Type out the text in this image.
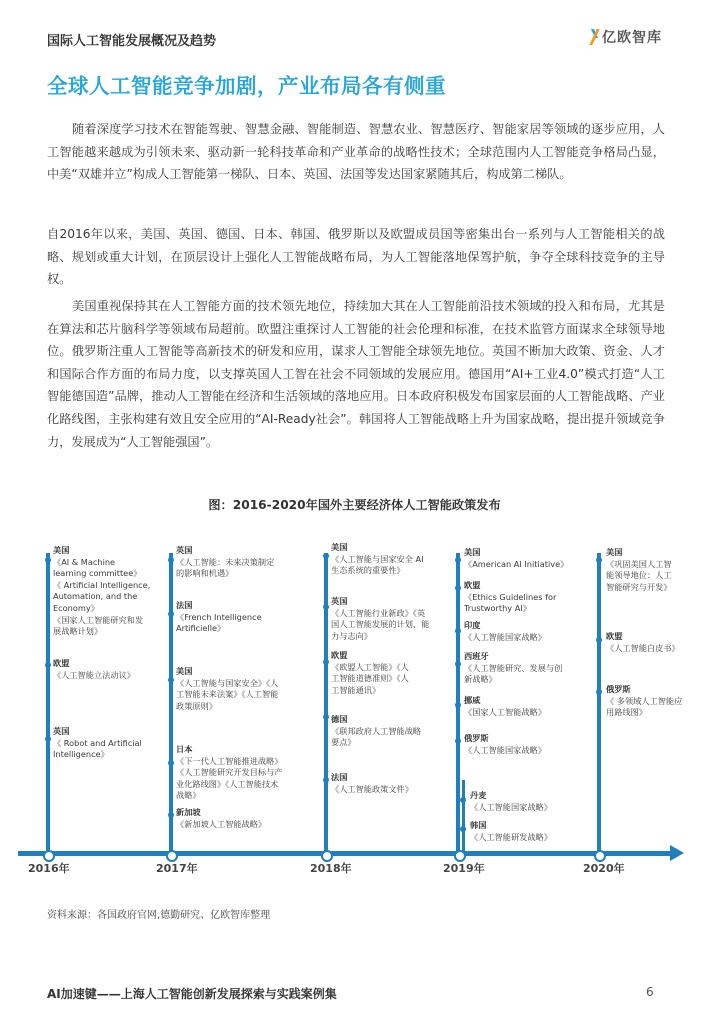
国际人工智能发展概况及趋势	亿欧智库
全球人工智能竞争加剧，产业布局各有侧重
随着深度学习技术在智能驾驶、智慧金融、智能制造、智慧农业、智慧医疗、智能家居等领域的逐步应用，人工智能越来越成为引领未来、驱动新一轮科技革命和产业革命的战略性技术；全球范围内人工智能竞争格局凸显，中美“双雄并立”构成人工智能第一梯队、日本、英国、法国等发达国家紧随其后，构成第二梯队。
自2016年以来，美国、英国、德国、日本、韩国、俄罗斯以及欧盟成员国等密集出台一系列与人工智能相关的战略、规划或重大计划，在顶层设计上强化人工智能战略布局，为人工智能落地保驾护航，争夺全球科技竞争的主导权。
美国重视保持其在人工智能方面的技术领先地位，持续加大其在人工智能前沿技术领域的投入和布局，尤其是在算法和芯片脑科学等领域布局超前。欧盟注重探讨人工智能的社会伦理和标准，在技术监管方面谋求全球领导地位。俄罗斯注重人工智能等高新技术的研发和应用，谋求人工智能全球领先地位。英国不断加大政策、资金、人才和国际合作方面的布局力度，以支撑英国人工智在社会不同领域的发展应用。德国用“AI+工业4.0”模式打造“人工智能德国造”品牌，推动人工智能在经济和生活领域的落地应用。日本政府积极发布国家层面的人工智能战略、产业化路线图，主张构建有效且安全应用的“AI-Ready社会”。韩国将人工智能战略上升为国家战略，提出提升领域竞争力，发展成为“人工智能强国”。
图：2016-2020年国外主要经济体人工智能政策发布
2016年	2017年	2018年	2019年	2020年
美国
《AI & Machine
learning committee》
《 Artificial Intelligence,
Automation, and the
Economy》
《国家人工智能研究和发
展战略计划》
欧盟
《人工智能立法动议》
英国
《 Robot and Artificial
Intelligence》
英国
《人工智能：未来决策制定
的影响和机遇》
法国
《French Intelligence
Artificielle》
美国
《人工智能与国家安全》《人
工智能未来法案》《人工智能
政策原则》
日本
《下一代人工智能推进战略》
《人工智能研究开发目标与产
业化路线图》《人工智能技术
战略》
新加坡
《新加坡人工智能战略》
美国
《人工智能与国家安全 AI
生态系统的重要性》
英国
《人工智能行业新政》《英
国人工智能发展的计划、能
力与志向》
欧盟
《欧盟人工智能》《人
工智能道德准则》《人
工智能通讯》
德国
《联邦政府人工智能战略
要点》
法国
《人工智能政策文件》
美国
《American AI Initiative》
欧盟
《Ethics Guidelines for
Trustworthy AI》
印度
《人工智能国家战略》
西班牙
《人工智能研究、发展与创
新战略》
挪威
《国家人工智能战略》
俄罗斯
《人工智能国家战略》
丹麦
《人工智能国家战略》
韩国
《人工智能研发战略》
美国
《巩固美国人工智
能领导地位：人工
智能研究与开发》
欧盟
《人工智能白皮书》
俄罗斯
《 多领域人工智能应
用路线图》
资料来源：各国政府官网,德勤研究、亿欧智库整理
AI加速键——上海人工智能创新发展探索与实践案例集	6
